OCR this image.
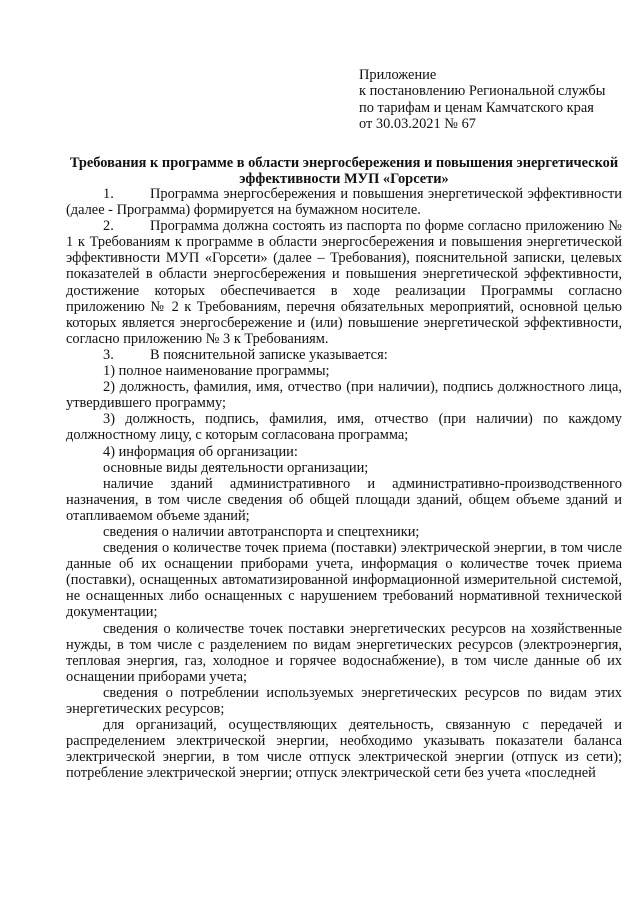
Приложение
к постановлению Региональной службы
по тарифам и ценам Камчатского края
от 30.03.2021 № 67
Требования к программе в области энергосбережения и повышения энергетической эффективности МУП «Горсети»

1.	Программа энергосбережения и повышения энергетической эффективности (далее - Программа) формируется на бумажном носителе.

2.	Программа должна состоять из паспорта по форме согласно приложению № 1 к Требованиям к программе в области энергосбережения и повышения энергетической эффективности МУП «Горсети» (далее – Требования), пояснительной записки, целевых показателей в области энергосбережения и повышения энергетической эффективности, достижение которых обеспечивается в ходе реализации Программы согласно приложению № 2 к Требованиям, перечня обязательных мероприятий, основной целью которых является энергосбережение и (или) повышение энергетической эффективности, согласно приложению № 3 к Требованиям.

3.	В пояснительной записке указывается:

1) полное наименование программы;

2) должность, фамилия, имя, отчество (при наличии), подпись должностного лица, утвердившего программу;

3) должность, подпись, фамилия, имя, отчество (при наличии) по каждому должностному лицу, с которым согласована программа;

4) информация об организации:

основные виды деятельности организации;

наличие зданий административного и административно-производственного назначения, в том числе сведения об общей площади зданий, общем объеме зданий и отапливаемом объеме зданий;

сведения о наличии автотранспорта и спецтехники;

сведения о количестве точек приема (поставки) электрической энергии, в том числе данные об их оснащении приборами учета, информация о количестве точек приема (поставки), оснащенных автоматизированной информационной измерительной системой, не оснащенных либо оснащенных с нарушением требований нормативной технической документации;

сведения о количестве точек поставки энергетических ресурсов на хозяйственные нужды, в том числе с разделением по видам энергетических ресурсов (электроэнергия, тепловая энергия, газ, холодное и горячее водоснабжение), в том числе данные об их оснащении приборами учета;

сведения о потреблении используемых энергетических ресурсов по видам этих энергетических ресурсов;

для организаций, осуществляющих деятельность, связанную с передачей и распределением электрической энергии, необходимо указывать показатели баланса электрической энергии, в том числе отпуск электрической энергии (отпуск из сети); потребление электрической энергии; отпуск электрической сети без учета «последней
